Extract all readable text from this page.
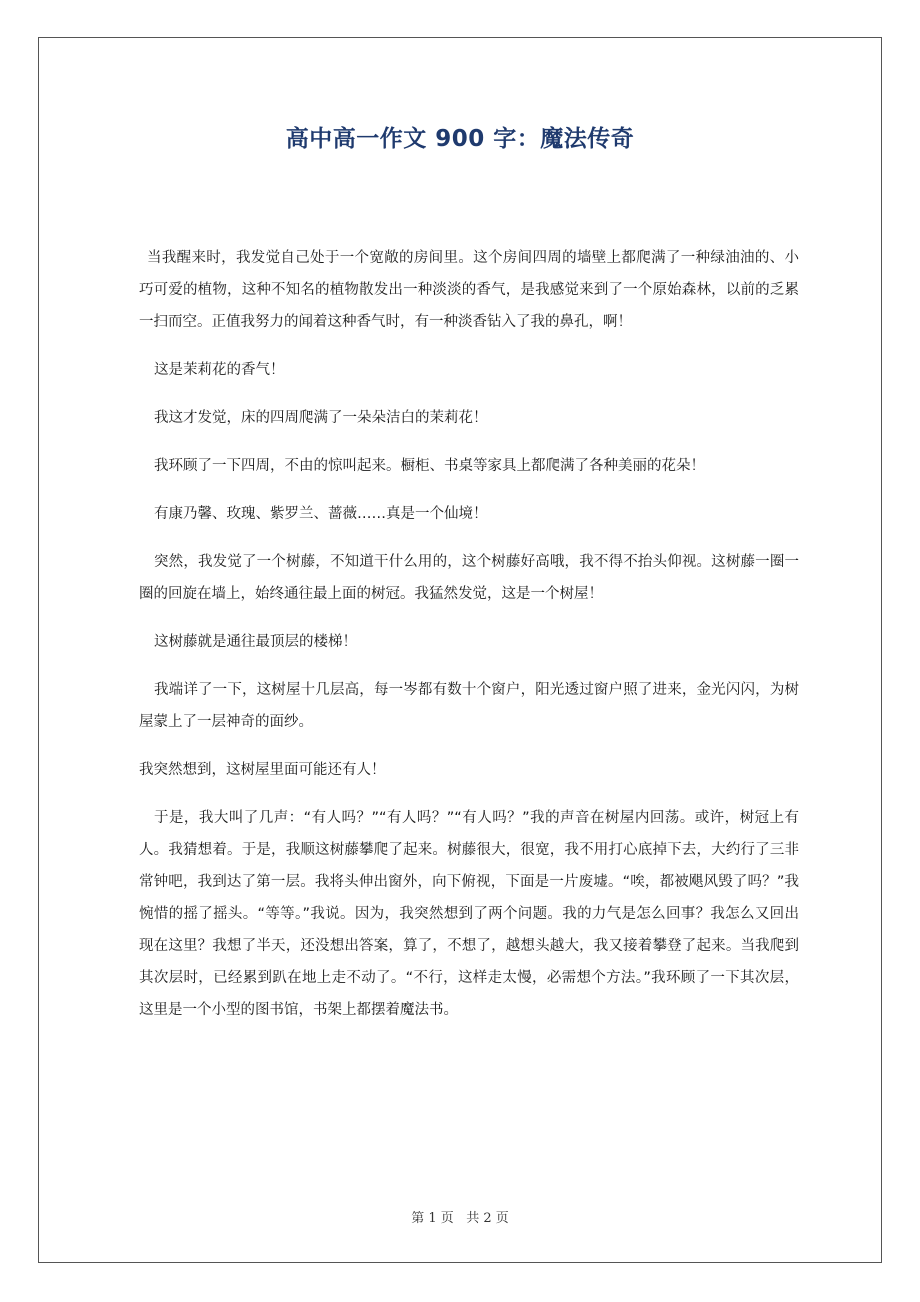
高中高一作文 900 字：魔法传奇

当我醒来时，我发觉自己处于一个宽敞的房间里。这个房间四周的墙壁上都爬满了一种绿油油的、小巧可爱的植物，这种不知名的植物散发出一种淡淡的香气，是我感觉来到了一个原始森林，以前的乏累一扫而空。正值我努力的闻着这种香气时，有一种淡香钻入了我的鼻孔，啊！

这是茉莉花的香气！

我这才发觉，床的四周爬满了一朵朵洁白的茉莉花！

我环顾了一下四周，不由的惊叫起来。橱柜、书桌等家具上都爬满了各种美丽的花朵！

有康乃馨、玫瑰、紫罗兰、蔷薇……真是一个仙境！

突然，我发觉了一个树藤，不知道干什么用的，这个树藤好高哦，我不得不抬头仰视。这树藤一圈一圈的回旋在墙上，始终通往最上面的树冠。我猛然发觉，这是一个树屋！

这树藤就是通往最顶层的楼梯！

我端详了一下，这树屋十几层高，每一岑都有数十个窗户，阳光透过窗户照了进来，金光闪闪，为树屋蒙上了一层神奇的面纱。

我突然想到，这树屋里面可能还有人！

于是，我大叫了几声：“有人吗？”“有人吗？”“有人吗？”我的声音在树屋内回荡。或许，树冠上有人。我猜想着。于是，我顺这树藤攀爬了起来。树藤很大，很宽，我不用打心底掉下去，大约行了三非常钟吧，我到达了第一层。我将头伸出窗外，向下俯视，下面是一片废墟。“唉，都被飓风毁了吗？”我惋惜的摇了摇头。“等等。”我说。因为，我突然想到了两个问题。我的力气是怎么回事？我怎么又回出现在这里？我想了半天，还没想出答案，算了，不想了，越想头越大，我又接着攀登了起来。当我爬到其次层时，已经累到趴在地上走不动了。“不行，这样走太慢，必需想个方法。”我环顾了一下其次层，这里是一个小型的图书馆，书架上都摆着魔法书。

第 1 页 共 2 页
